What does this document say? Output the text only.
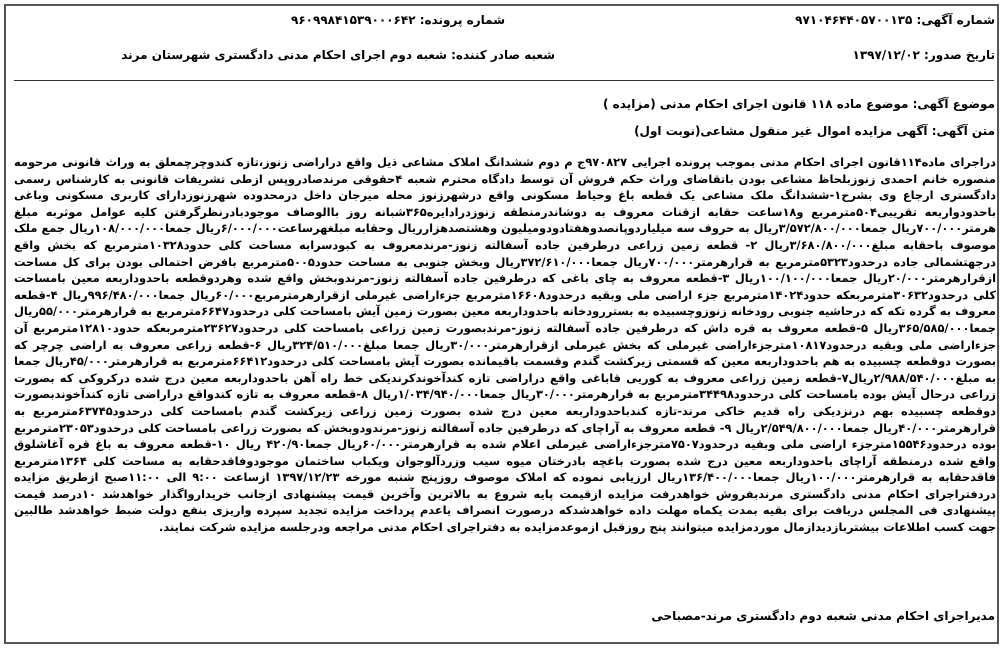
شماره آگهی: ۹۷۱۰۴۶۴۴۰۵۷۰۰۱۳۵
شماره پرونده: ۹۶۰۹۹۸۴۱۵۳۹۰۰۰۶۴۲
تاریخ صدور: ۱۳۹۷/۱۲/۰۲
شعبه صادر کننده: شعبه دوم اجرای احکام مدنی دادگستری شهرستان مرند
موضوع آگهی: موضوع ماده ۱۱۸ قانون اجرای احکام مدنی (مزایده )
متن آگهی: آگهی مزایده اموال غیر منقول مشاعی(نوبت اول)

دراجرای ماده۱۱۴قانون اجرای احکام مدنی بموجب پرونده اجرایی ۹۷۰۸۲۷ج م دوم ششدانگ املاک مشاعی ذیل واقع دراراضی زنوز،تازه کندوچرچمعلق به وراث قانونی مرحومه منصوره خانم احمدی زنوزبلحاظ مشاعی بودن باتقاضای وراث حکم فروش آن توسط دادگاه محترم شعبه ۴حقوقی مرندصادروپس ازطی تشریفات قانونی به کارشناس رسمی دادگستری ارجاع وی بشرح۱-ششدانگ ملک مشاعی یک قطعه باغ وحیاط مسکونی واقع درشهرزنوز محله میرجان داخل درمحدوده شهرزنوزدارای کاربری مسکونی وباغی باحدودواربعه تقریبی۵۰۴مترمربع و۱۸ساعت حقابه ازقنات معروف به دوشاندرمنطقه زنوزدرادایره۳۶۵شبانه روز باالوصاف موجودبادرنظرگرفتن کلیه عوامل موثربه مبلغ هرمتر۷۰۰/۰۰۰ریال جمعا۳/۵۷۲/۸۰۰/۰۰۰ریال به حروف سه میلیاردوپانصدوهفتادودومیلیون وهشتصدهزارریال وحقابه مبلغهرساعت۶/۰۰۰/۰۰۰ریال جمعا۱۰۸/۰۰۰/۰۰۰ریال جمع ملک موصوف باحقابه مبلغ۳/۶۸۰/۸۰۰/۰۰۰ریال ۲- قطعه زمین زراعی درطرفین جاده آسفالته زنوز-مرندمعروف به کبودسرابه مساحت کلی حدود۱۰۳۲۸مترمربع که بخش واقع درجهتشمالی جاده درحدود۵۳۲۳مترمربع به قرارهرمتر۷۰۰/۰۰۰ریال جمعا۳۷۲/۶۱۰/۰۰۰ریال وبخش جنوبی به مساحت حدود۵۰۰۵مترمربع بافرض احتمالی بودن برای کل مساحت ازقرارهرمتر۲۰/۰۰۰ریال جمعا۱۰۰/۱۰۰/۰۰۰ریال ۳-قطعه معروف به چای باغی که درطرفین جاده آسفالته زنوز-مرندوبخش واقع شده وهردوقطعه باحدوداربعه معین بامساحت کلی درحدود۳۰۶۳۲مترمربعکه حدود۱۴۰۲۴مترمربع جزء اراضی ملی وبقیه درحدود۱۶۶۰۸مترمربع جزءاراضی غیرملی ازقرارهرمترمربع۶۰/۰۰۰ریال جمعا۹۹۶/۴۸۰/۰۰۰ریال ۴-قطعه معروف به گرده تکه که درحاشیه جنوبی رودخانه زنوزوچسبیده به بستررودخانه باحدوداربعه معین بصورت زمین آیش بامساحت کلی درحدود۶۶۴۷مترمربع به قرارهرمتر۵۵/۰۰۰ریال جمعا۳۶۵/۵۸۵/۰۰۰ریال ۵-قطعه معروف به قره داش که درطرفین جاده آسفالته زنوز-مرندبصورت زمین زراعی بامساحت کلی درحدود۲۳۶۲۷مترمربعکه حدود۱۲۸۱۰مترمربع آن جزءاراضی ملی وبقیه درحدود۱۰۸۱۷مترجزءاراضی غیرملی که بخش غیرملی ازقرارهرمتر۳۰/۰۰۰ریال جمعا مبلغ۳۲۴/۵۱۰/۰۰۰ریال ۶-قطعه زراعی معروف به اراضی چرچر که بصورت دوقطعه چسبیده به هم باحدوداربعه معین که قسمتی زیرکشت گندم وقسمت باقیمانده بصورت آیش بامساحت کلی درحدود۶۶۴۱۲مترمربع به قرارهرمتر۴۵/۰۰۰ریال جمعا به مبلغ۲/۹۸۸/۵۴۰/۰۰۰ریال۷-قطعه زمین زراعی معروف به کوریی قاباغی واقع دراراضی تازه کندآخوندکرندیکی خط راه آهن باحدوداربعه معین درج شده درکروکی که بصورت زراعی درحال آیش بوده بامساحت کلی درحدود۳۴۴۹۸مترمربع به قرارهرمتر۳۰/۰۰۰ریال جمعا۱/۰۳۴/۹۴۰/۰۰۰ریال ۸-قطعه معروف به تازه کندواقع دراراضی تازه کندآخوندبصورت دوقطعه چسبیده بهم درنزدیکی راه قدیم خاکی مرند-تازه کندباحدوداربعه معین درج شده بصورت زمین زراعی زیرکشت گندم بامساحت کلی درحدود۶۳۷۴۵مترمربع به قرارهرمتر۴۰/۰۰۰ریال جمعا۲/۵۴۹/۸۰۰/۰۰۰ریال ۹- قطعه معروف به آراچای که درطرفین جاده آسفالته زنوز-مرندودوبخش که بصورت زراعی بامساحت کلی درحدود۲۳۰۵۳مترمربع بوده درحدود۱۵۵۴۶مترجزء اراضی ملی وبقیه درحدود۷۵۰۷مترجزءاراضی غیرملی اعلام شده به قرارهرمتر۶۰/۰۰۰ریال جمعا۴۲۰/۹۰ ریال ۱۰-قطعه معروف به باغ قره آغاشلوق واقع شده درمنطقه آراچای باحدوداربعه معین درج شده بصورت باغچه بادرختان میوه سیب وزردآلوجوان ویکباب ساختمان موجودوفاقدحقابه به مساحت کلی ۱۳۶۴مترمربع فاقدحقابه به قرارهرمتر۱۰۰/۰۰۰ریال جمعا۱۳۶/۴۰۰/۰۰۰ریال ارزیابی نموده که املاک موصوف روزپنج شنبه مورخه ۱۳۹۷/۱۲/۲۳ ازساعت ۹:۰۰ الی ۱۱:۰۰صبح ازطریق مزایده دردفتراجرای احکام مدنی دادگستری مرندبفروش خواهدرفت مزایده ازقیمت پایه شروع به بالاترین وآخرین قیمت پیشنهادی ازجانب خریدارواگذار خواهدشد ۱۰درصد قیمت پیشنهادی فی المجلس دریافت برای بقیه بمدت یکماه مهلت داده خواهدشدکه درصورت انصراف یاعدم پرداخت مزایده تجدید سپرده واریزی بنفع دولت ضبط خواهدشد طالبین جهت کسب اطلاعات بیشتربازدیدازمال موردمزایده میتوانند پنج روزقبل ازموعدمزایده به دفتراجرای احکام مدنی مراجعه ودرجلسه مزایده شرکت نمایند.

مدیراجرای احکام مدنی شعبه دوم دادگستری مرند-مصباحی
